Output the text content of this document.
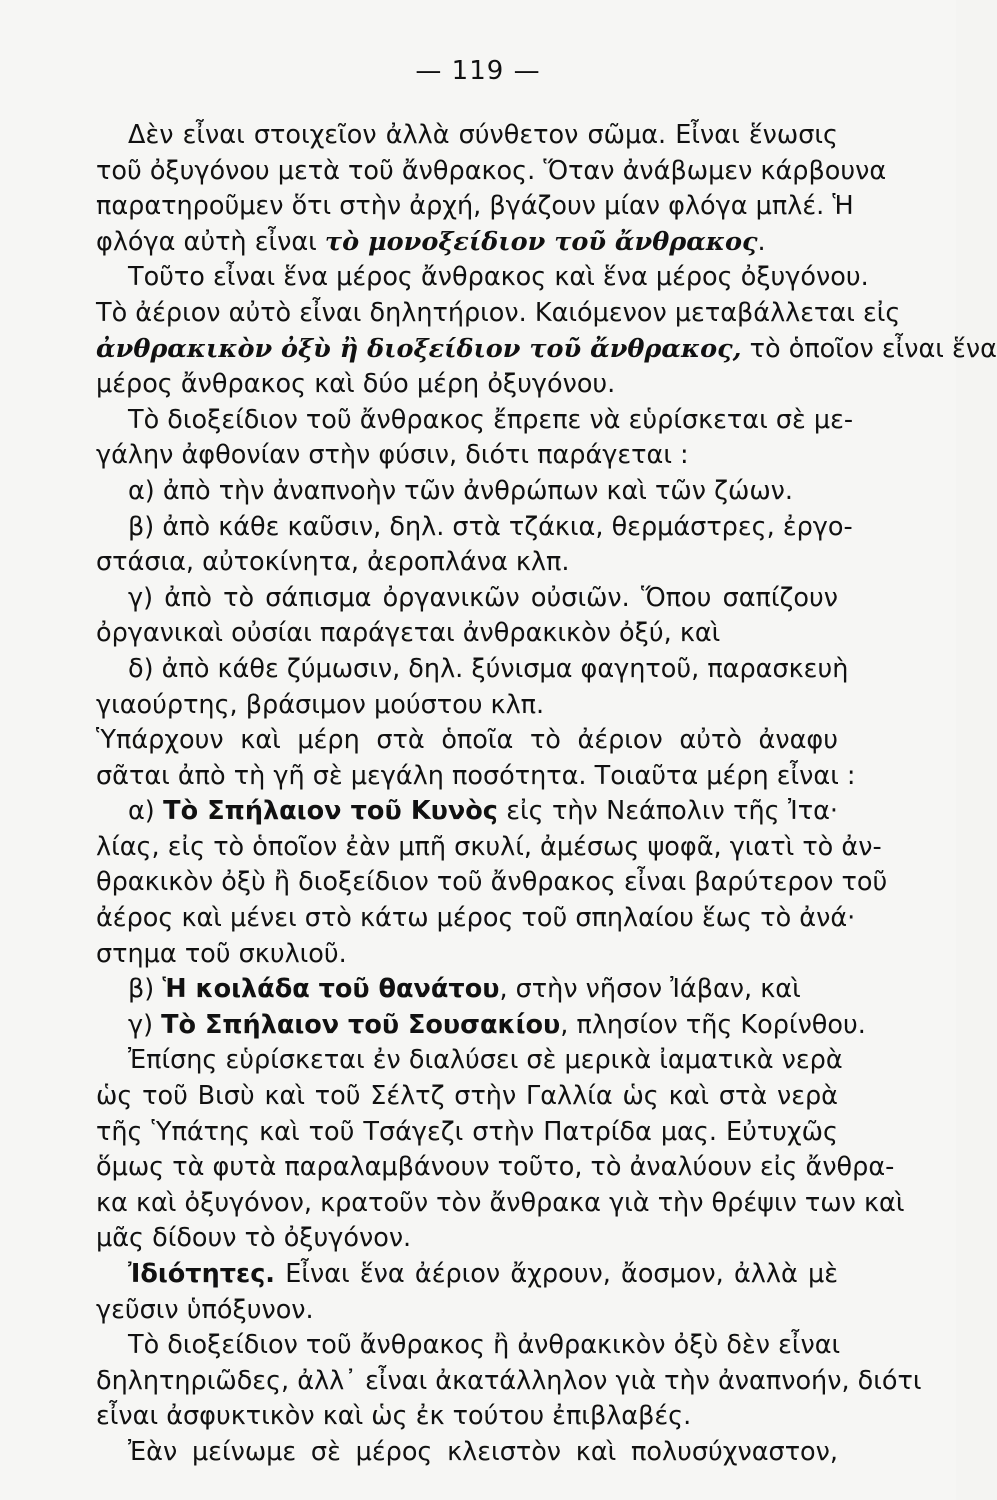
— 119 —
Δὲν εἶναι στοιχεῖον ἀλλὰ σύνθετον σῶμα. Εἶναι ἕνωσις
τοῦ ὀξυγόνου μετὰ τοῦ ἄνθρακος. Ὅταν ἀνάβωμεν κάρβουνα
παρατηροῦμεν ὅτι στὴν ἀρχή, βγάζουν μίαν φλόγα μπλέ. Ἡ
φλόγα αὐτὴ εἶναι τὸ μονοξείδιον τοῦ ἄνθρακος.
Τοῦτο εἶναι ἕνα μέρος ἄνθρακος καὶ ἕνα μέρος ὀξυγόνου.
Τὸ ἀέριον αὐτὸ εἶναι δηλητήριον. Καιόμενον μεταβάλλεται εἰς
ἀνθρακικὸν ὀξὺ ἢ διοξείδιον τοῦ ἄνθρακος, τὸ ὁποῖον εἶναι ἕνα
μέρος ἄνθρακος καὶ δύο μέρη ὀξυγόνου.
Τὸ διοξείδιον τοῦ ἄνθρακος ἔπρεπε νὰ εὑρίσκεται σὲ με-
γάλην ἀφθονίαν στὴν φύσιν, διότι παράγεται :
α) ἀπὸ τὴν ἀναπνοὴν τῶν ἀνθρώπων καὶ τῶν ζώων.
β) ἀπὸ κάθε καῦσιν, δηλ. στὰ τζάκια, θερμάστρες, ἐργο-
στάσια, αὐτοκίνητα, ἀεροπλάνα κλπ.
γ) ἀπὸ τὸ σάπισμα ὀργανικῶν οὐσιῶν. Ὅπου σαπίζουν
ὀργανικαὶ οὐσίαι παράγεται ἀνθρακικὸν ὀξύ, καὶ
δ) ἀπὸ κάθε ζύμωσιν, δηλ. ξύνισμα φαγητοῦ, παρασκευὴ
γιαούρτης, βράσιμον μούστου κλπ.
Ὑπάρχουν καὶ μέρη στὰ ὁποῖα τὸ ἀέριον αὐτὸ ἀναφυ
σᾶται ἀπὸ τὴ γῆ σὲ μεγάλη ποσότητα. Τοιαῦτα μέρη εἶναι :
α) Τὸ Σπήλαιον τοῦ Κυνὸς εἰς τὴν Νεάπολιν τῆς Ἰτα·
λίας, εἰς τὸ ὁποῖον ἐὰν μπῆ σκυλί, ἀμέσως ψοφᾶ, γιατὶ τὸ ἀν-
θρακικὸν ὀξὺ ἢ διοξείδιον τοῦ ἄνθρακος εἶναι βαρύτερον τοῦ
ἀέρος καὶ μένει στὸ κάτω μέρος τοῦ σπηλαίου ἕως τὸ ἀνά·
στημα τοῦ σκυλιοῦ.
β) Ἡ κοιλάδα τοῦ θανάτου, στὴν νῆσον Ἰάβαν, καὶ
γ) Τὸ Σπήλαιον τοῦ Σουσακίου, πλησίον τῆς Κορίνθου.
Ἐπίσης εὑρίσκεται ἐν διαλύσει σὲ μερικὰ ἰαματικὰ νερὰ
ὡς τοῦ Βισὺ καὶ τοῦ Σέλτζ στὴν Γαλλία ὡς καὶ στὰ νερὰ
τῆς Ὑπάτης καὶ τοῦ Τσάγεζι στὴν Πατρίδα μας. Εὐτυχῶς
ὅμως τὰ φυτὰ παραλαμβάνουν τοῦτο, τὸ ἀναλύουν εἰς ἄνθρα-
κα καὶ ὀξυγόνον, κρατοῦν τὸν ἄνθρακα γιὰ τὴν θρέψιν των καὶ
μᾶς δίδουν τὸ ὀξυγόνον.
Ἰδιότητες. Εἶναι ἕνα ἀέριον ἄχρουν, ἄοσμον, ἀλλὰ μὲ
γεῦσιν ὑπόξυνον.
Τὸ διοξείδιον τοῦ ἄνθρακος ἢ ἀνθρακικὸν ὀξὺ δὲν εἶναι
δηλητηριῶδες, ἀλλ᾽ εἶναι ἀκατάλληλον γιὰ τὴν ἀναπνοήν, διότι
εἶναι ἀσφυκτικὸν καὶ ὡς ἐκ τούτου ἐπιβλαβές.
Ἐὰν μείνωμε σὲ μέρος κλειστὸν καὶ πολυσύχναστον,
